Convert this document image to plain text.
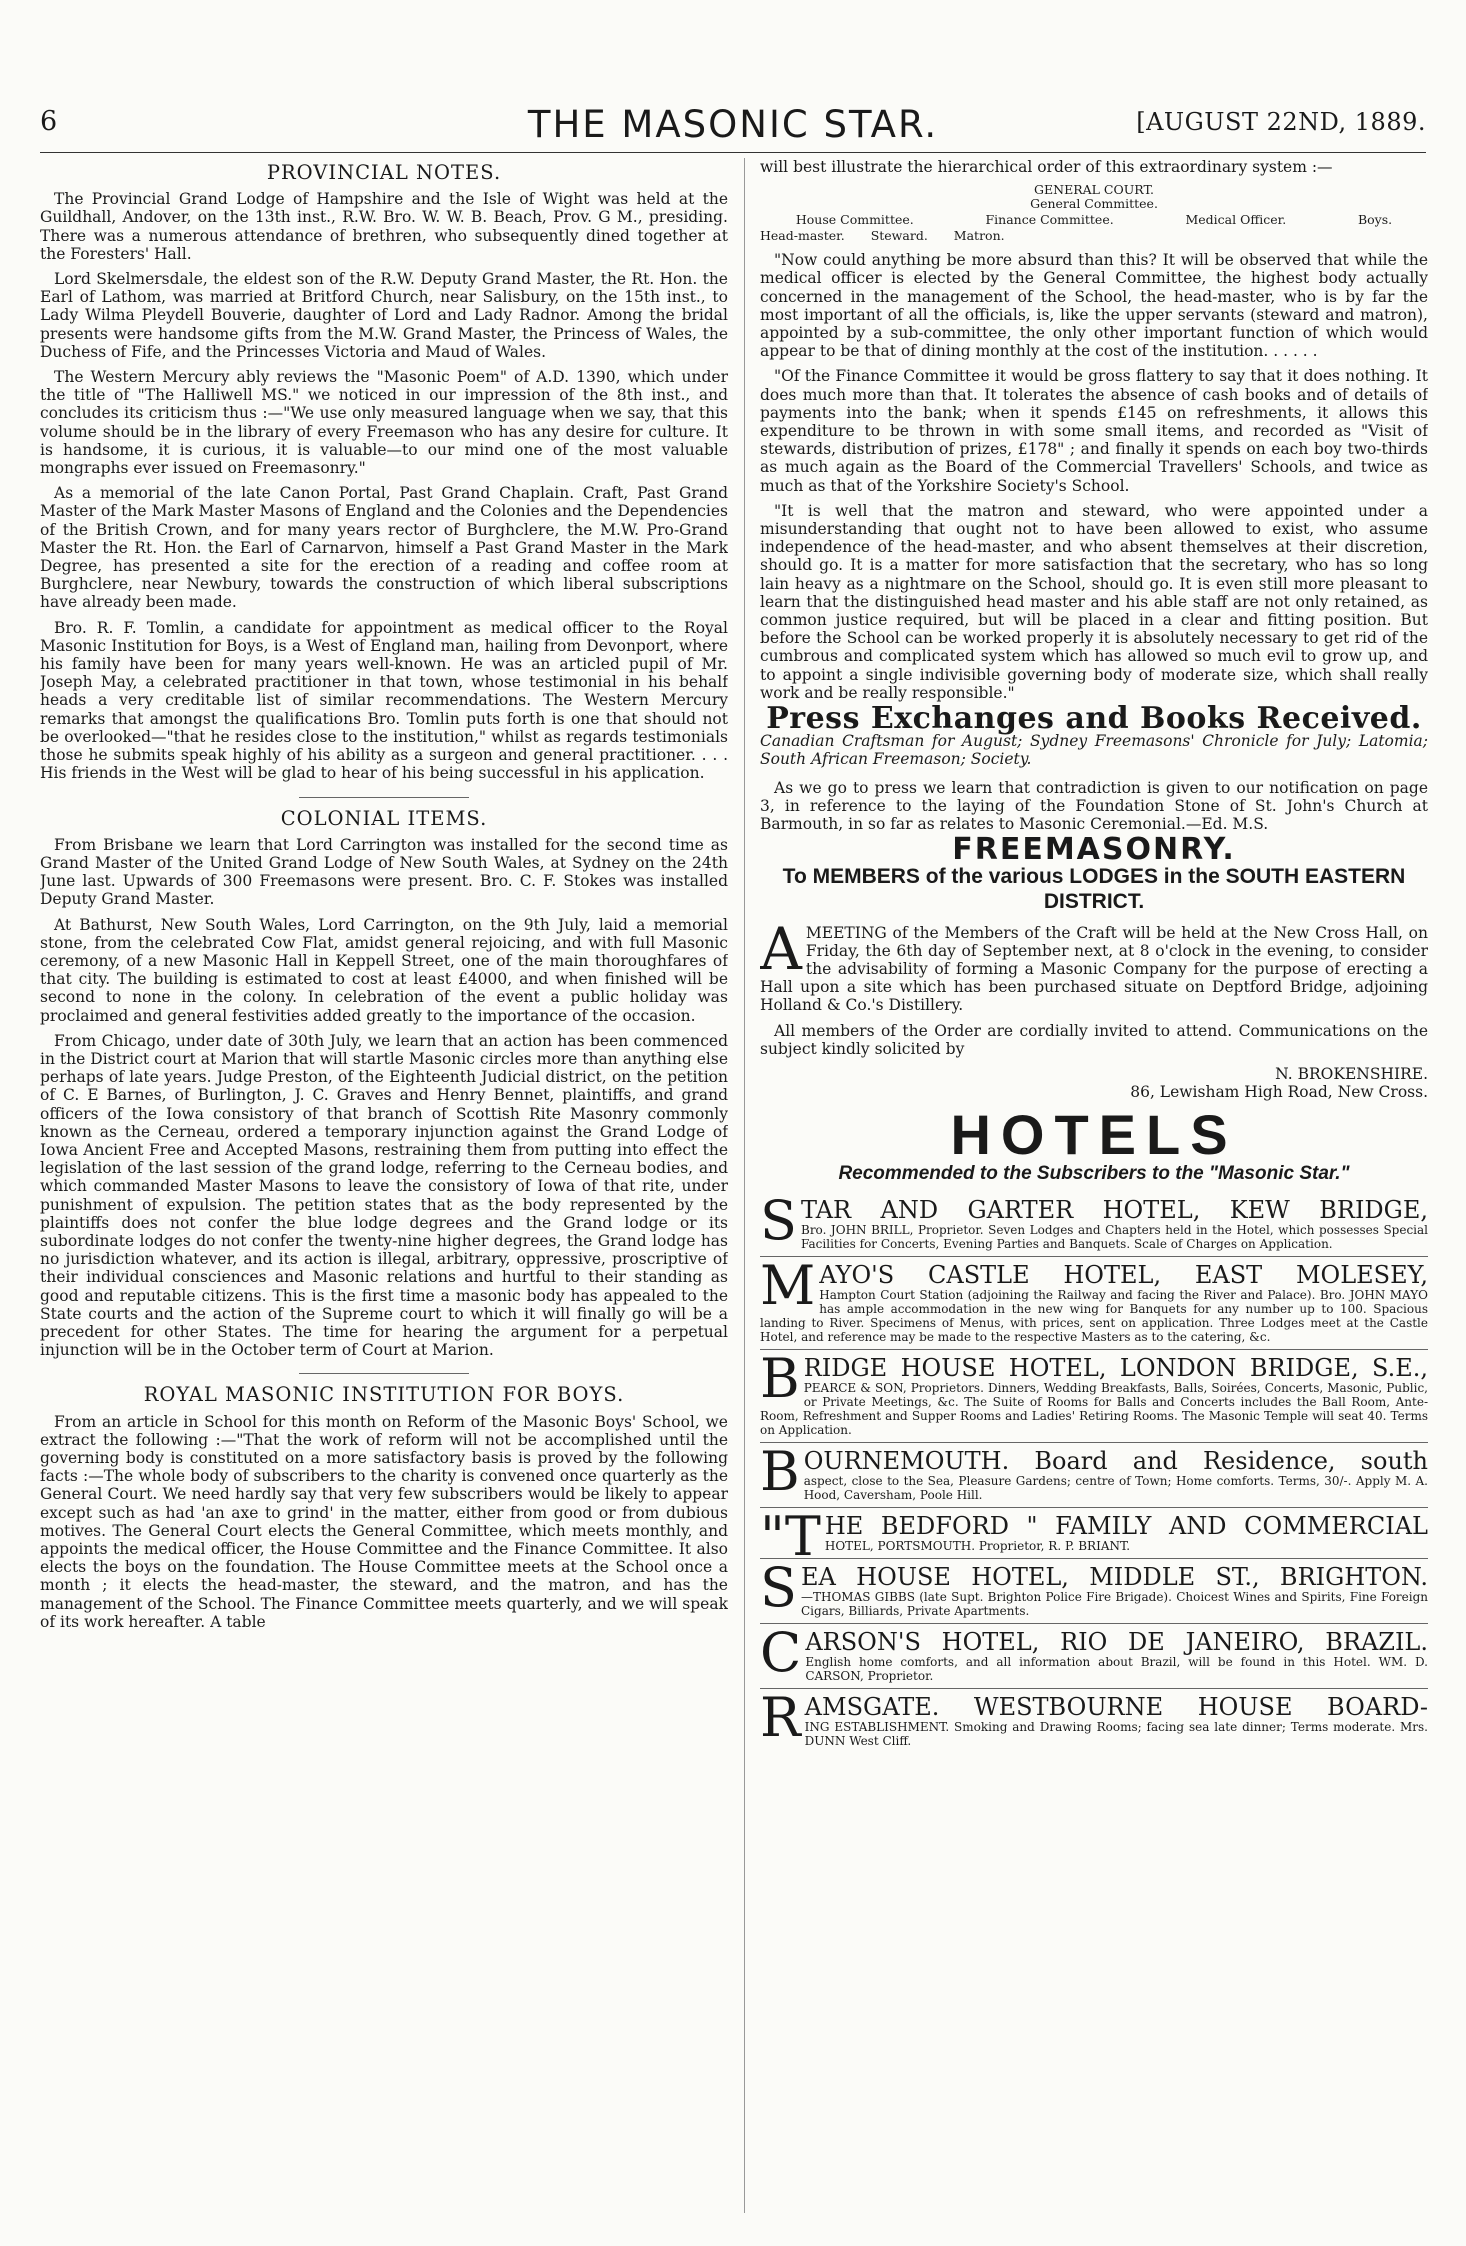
6	THE MASONIC STAR.	[AUGUST 22ND, 1889.
PROVINCIAL NOTES.

The Provincial Grand Lodge of Hampshire and the Isle of Wight was held at the Guildhall, Andover, on the 13th inst., R.W. Bro. W. W. B. Beach, Prov. G M., presiding. There was a numerous attendance of brethren, who subsequently dined together at the Foresters' Hall.

Lord Skelmersdale, the eldest son of the R.W. Deputy Grand Master, the Rt. Hon. the Earl of Lathom, was married at Britford Church, near Salisbury, on the 15th inst., to Lady Wilma Pleydell Bouverie, daughter of Lord and Lady Radnor. Among the bridal presents were handsome gifts from the M.W. Grand Master, the Princess of Wales, the Duchess of Fife, and the Princesses Victoria and Maud of Wales.

The Western Mercury ably reviews the "Masonic Poem" of A.D. 1390, which under the title of "The Halliwell MS." we noticed in our impression of the 8th inst., and concludes its criticism thus :—"We use only measured language when we say, that this volume should be in the library of every Freemason who has any desire for culture. It is handsome, it is curious, it is valuable—to our mind one of the most valuable mongraphs ever issued on Freemasonry."

As a memorial of the late Canon Portal, Past Grand Chaplain. Craft, Past Grand Master of the Mark Master Masons of England and the Colonies and the Dependencies of the British Crown, and for many years rector of Burghclere, the M.W. Pro-Grand Master the Rt. Hon. the Earl of Carnarvon, himself a Past Grand Master in the Mark Degree, has presented a site for the erection of a reading and coffee room at Burghclere, near Newbury, towards the construction of which liberal subscriptions have already been made.

Bro. R. F. Tomlin, a candidate for appointment as medical officer to the Royal Masonic Institution for Boys, is a West of England man, hailing from Devonport, where his family have been for many years well-known. He was an articled pupil of Mr. Joseph May, a celebrated practitioner in that town, whose testimonial in his behalf heads a very creditable list of similar recommendations. The Western Mercury remarks that amongst the qualifications Bro. Tomlin puts forth is one that should not be overlooked—"that he resides close to the institution," whilst as regards testimonials those he submits speak highly of his ability as a surgeon and general practitioner. . . . His friends in the West will be glad to hear of his being successful in his application.

COLONIAL ITEMS.

From Brisbane we learn that Lord Carrington was installed for the second time as Grand Master of the United Grand Lodge of New South Wales, at Sydney on the 24th June last. Upwards of 300 Freemasons were present. Bro. C. F. Stokes was installed Deputy Grand Master.

At Bathurst, New South Wales, Lord Carrington, on the 9th July, laid a memorial stone, from the celebrated Cow Flat, amidst general rejoicing, and with full Masonic ceremony, of a new Masonic Hall in Keppell Street, one of the main thoroughfares of that city. The building is estimated to cost at least £4000, and when finished will be second to none in the colony. In celebration of the event a public holiday was proclaimed and general festivities added greatly to the importance of the occasion.

From Chicago, under date of 30th July, we learn that an action has been commenced in the District court at Marion that will startle Masonic circles more than anything else perhaps of late years. Judge Preston, of the Eighteenth Judicial district, on the petition of C. E Barnes, of Burlington, J. C. Graves and Henry Bennet, plaintiffs, and grand officers of the Iowa consistory of that branch of Scottish Rite Masonry commonly known as the Cerneau, ordered a temporary injunction against the Grand Lodge of Iowa Ancient Free and Accepted Masons, restraining them from putting into effect the legislation of the last session of the grand lodge, referring to the Cerneau bodies, and which commanded Master Masons to leave the consistory of Iowa of that rite, under punishment of expulsion. The petition states that as the body represented by the plaintiffs does not confer the blue lodge degrees and the Grand lodge or its subordinate lodges do not confer the twenty-nine higher degrees, the Grand lodge has no jurisdiction whatever, and its action is illegal, arbitrary, oppressive, proscriptive of their individual consciences and Masonic relations and hurtful to their standing as good and reputable citizens. This is the first time a masonic body has appealed to the State courts and the action of the Supreme court to which it will finally go will be a precedent for other States. The time for hearing the argument for a perpetual injunction will be in the October term of Court at Marion.

ROYAL MASONIC INSTITUTION FOR BOYS.

From an article in School for this month on Reform of the Masonic Boys' School, we extract the following :—"That the work of reform will not be accomplished until the governing body is constituted on a more satisfactory basis is proved by the following facts :—The whole body of subscribers to the charity is convened once quarterly as the General Court. We need hardly say that very few subscribers would be likely to appear except such as had 'an axe to grind' in the matter, either from good or from dubious motives. The General Court elects the General Committee, which meets monthly, and appoints the medical officer, the House Committee and the Finance Committee. It also elects the boys on the foundation. The House Committee meets at the School once a month ; it elects the head-master, the steward, and the matron, and has the management of the School. The Finance Committee meets quarterly, and we will speak of its work hereafter. A table

will best illustrate the hierarchical order of this extraordinary system :—

GENERAL COURT.
General Committee.
House Committee.	Finance Committee.	Medical Officer.	Boys.
Head-master. Steward. Matron.

"Now could anything be more absurd than this? It will be observed that while the medical officer is elected by the General Committee, the highest body actually concerned in the management of the School, the head-master, who is by far the most important of all the officials, is, like the upper servants (steward and matron), appointed by a sub-committee, the only other important function of which would appear to be that of dining monthly at the cost of the institution. . . . . .

"Of the Finance Committee it would be gross flattery to say that it does nothing. It does much more than that. It tolerates the absence of cash books and of details of payments into the bank; when it spends £145 on refreshments, it allows this expenditure to be thrown in with some small items, and recorded as "Visit of stewards, distribution of prizes, £178" ; and finally it spends on each boy two-thirds as much again as the Board of the Commercial Travellers' Schools, and twice as much as that of the Yorkshire Society's School.

"It is well that the matron and steward, who were appointed under a misunderstanding that ought not to have been allowed to exist, who assume independence of the head-master, and who absent themselves at their discretion, should go. It is a matter for more satisfaction that the secretary, who has so long lain heavy as a nightmare on the School, should go. It is even still more pleasant to learn that the distinguished head master and his able staff are not only retained, as common justice required, but will be placed in a clear and fitting position. But before the School can be worked properly it is absolutely necessary to get rid of the cumbrous and complicated system which has allowed so much evil to grow up, and to appoint a single indivisible governing body of moderate size, which shall really work and be really responsible."

Press Exchanges and Books Received.

Canadian Craftsman for August; Sydney Freemasons' Chronicle for July; Latomia; South African Freemason; Society.

As we go to press we learn that contradiction is given to our notification on page 3, in reference to the laying of the Foundation Stone of St. John's Church at Barmouth, in so far as relates to Masonic Ceremonial.—Ed. M.S.

FREEMASONRY.
To MEMBERS of the various LODGES in the SOUTH EASTERN DISTRICT.
A MEETING of the Members of the Craft will be held at the New Cross Hall, on Friday, the 6th day of September next, at 8 o'clock in the evening, to consider the advisability of forming a Masonic Company for the purpose of erecting a Hall upon a site which has been purchased situate on Deptford Bridge, adjoining Holland & Co.'s Distillery.

All members of the Order are cordially invited to attend. Communications on the subject kindly solicited by

N. BROKENSHIRE.
86, Lewisham High Road, New Cross.
HOTELS
Recommended to the Subscribers to the "Masonic Star."
S TAR AND GARTER HOTEL, KEW BRIDGE,
Bro. JOHN BRILL, Proprietor. Seven Lodges and Chapters held in the Hotel, which possesses Special Facilities for Concerts, Evening Parties and Banquets. Scale of Charges on Application.
M AYO'S CASTLE HOTEL, EAST MOLESEY,
Hampton Court Station (adjoining the Railway and facing the River and Palace). Bro. JOHN MAYO has ample accommodation in the new wing for Banquets for any number up to 100. Spacious landing to River. Specimens of Menus, with prices, sent on application. Three Lodges meet at the Castle Hotel, and reference may be made to the respective Masters as to the catering, &c.
B RIDGE HOUSE HOTEL, LONDON BRIDGE, S.E.,
PEARCE & SON, Proprietors. Dinners, Wedding Breakfasts, Balls, Soirées, Concerts, Masonic, Public, or Private Meetings, &c. The Suite of Rooms for Balls and Concerts includes the Ball Room, Ante-Room, Refreshment and Supper Rooms and Ladies' Retiring Rooms. The Masonic Temple will seat 40. Terms on Application.
B OURNEMOUTH. Board and Residence, south
aspect, close to the Sea, Pleasure Gardens; centre of Town; Home comforts. Terms, 30/-. Apply M. A. Hood, Caversham, Poole Hill.
"T HE BEDFORD " FAMILY AND COMMERCIAL
HOTEL, PORTSMOUTH. Proprietor, R. P. BRIANT.
S EA HOUSE HOTEL, MIDDLE ST., BRIGHTON.
—THOMAS GIBBS (late Supt. Brighton Police Fire Brigade). Choicest Wines and Spirits, Fine Foreign Cigars, Billiards, Private Apartments.
C ARSON'S HOTEL, RIO DE JANEIRO, BRAZIL.
English home comforts, and all information about Brazil, will be found in this Hotel. WM. D. CARSON, Proprietor.
R AMSGATE. WESTBOURNE HOUSE BOARD-
ING ESTABLISHMENT. Smoking and Drawing Rooms; facing sea late dinner; Terms moderate. Mrs. DUNN West Cliff.
